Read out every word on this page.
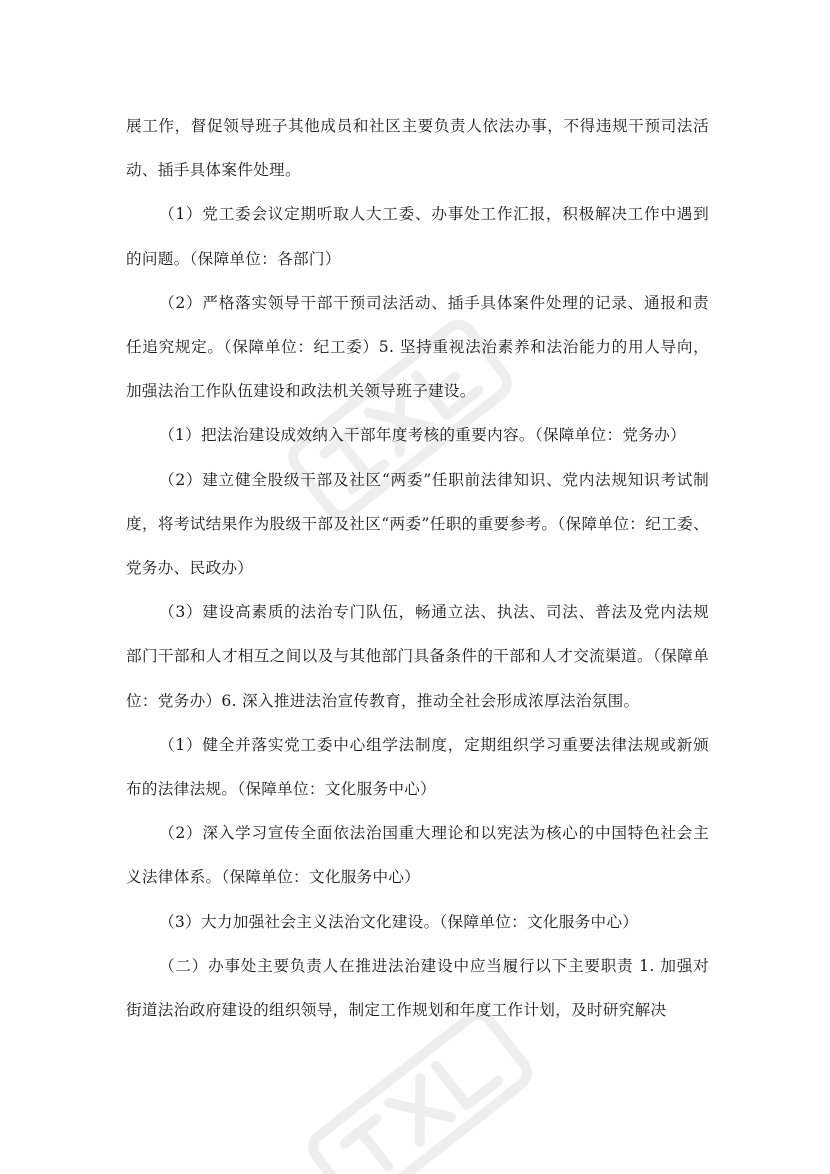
展工作，督促领导班子其他成员和社区主要负责人依法办事，不得违规干预司法活动、插手具体案件处理。

（1）党工委会议定期听取人大工委、办事处工作汇报，积极解决工作中遇到的问题。（保障单位：各部门）

（2）严格落实领导干部干预司法活动、插手具体案件处理的记录、通报和责任追究规定。（保障单位：纪工委）5. 坚持重视法治素养和法治能力的用人导向，加强法治工作队伍建设和政法机关领导班子建设。

（1）把法治建设成效纳入干部年度考核的重要内容。（保障单位：党务办）

（2）建立健全股级干部及社区“两委”任职前法律知识、党内法规知识考试制度，将考试结果作为股级干部及社区“两委”任职的重要参考。（保障单位：纪工委、党务办、民政办）

（3）建设高素质的法治专门队伍，畅通立法、执法、司法、普法及党内法规部门干部和人才相互之间以及与其他部门具备条件的干部和人才交流渠道。（保障单位：党务办）6. 深入推进法治宣传教育，推动全社会形成浓厚法治氛围。

（1）健全并落实党工委中心组学法制度，定期组织学习重要法律法规或新颁布的法律法规。（保障单位：文化服务中心）

（2）深入学习宣传全面依法治国重大理论和以宪法为核心的中国特色社会主义法律体系。（保障单位：文化服务中心）

（3）大力加强社会主义法治文化建设。（保障单位：文化服务中心）

（二）办事处主要负责人在推进法治建设中应当履行以下主要职责 1. 加强对街道法治政府建设的组织领导，制定工作规划和年度工作计划，及时研究解决
